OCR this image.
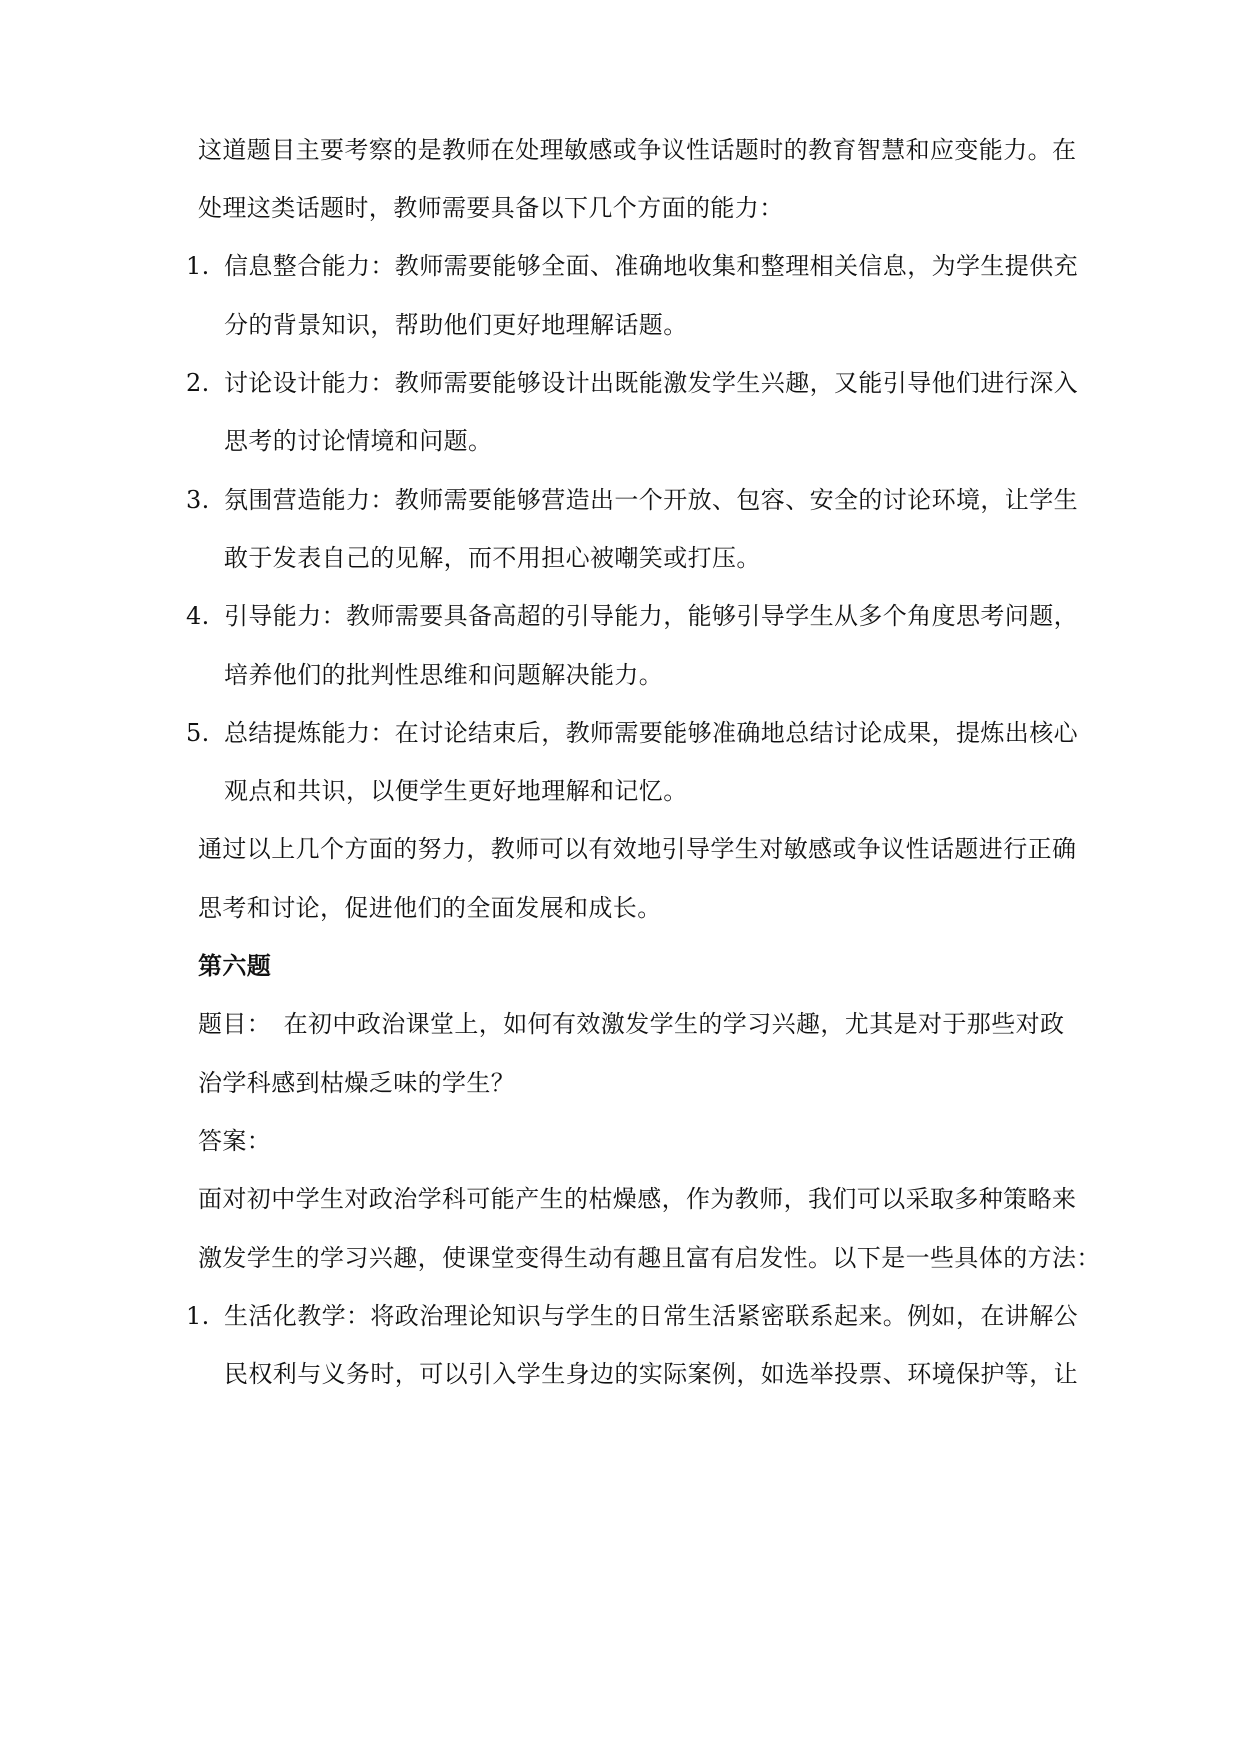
这道题目主要考察的是教师在处理敏感或争议性话题时的教育智慧和应变能力。在
处理这类话题时，教师需要具备以下几个方面的能力：
1. 信息整合能力：教师需要能够全面、准确地收集和整理相关信息，为学生提供充
分的背景知识，帮助他们更好地理解话题。
2. 讨论设计能力：教师需要能够设计出既能激发学生兴趣，又能引导他们进行深入
思考的讨论情境和问题。
3. 氛围营造能力：教师需要能够营造出一个开放、包容、安全的讨论环境，让学生
敢于发表自己的见解，而不用担心被嘲笑或打压。
4. 引导能力：教师需要具备高超的引导能力，能够引导学生从多个角度思考问题，
培养他们的批判性思维和问题解决能力。
5. 总结提炼能力：在讨论结束后，教师需要能够准确地总结讨论成果，提炼出核心
观点和共识，以便学生更好地理解和记忆。
通过以上几个方面的努力，教师可以有效地引导学生对敏感或争议性话题进行正确
思考和讨论，促进他们的全面发展和成长。
第六题
题目：　在初中政治课堂上，如何有效激发学生的学习兴趣，尤其是对于那些对政
治学科感到枯燥乏味的学生？
答案：
面对初中学生对政治学科可能产生的枯燥感，作为教师，我们可以采取多种策略来
激发学生的学习兴趣，使课堂变得生动有趣且富有启发性。以下是一些具体的方法：
1. 生活化教学：将政治理论知识与学生的日常生活紧密联系起来。例如，在讲解公
民权利与义务时，可以引入学生身边的实际案例，如选举投票、环境保护等，让
